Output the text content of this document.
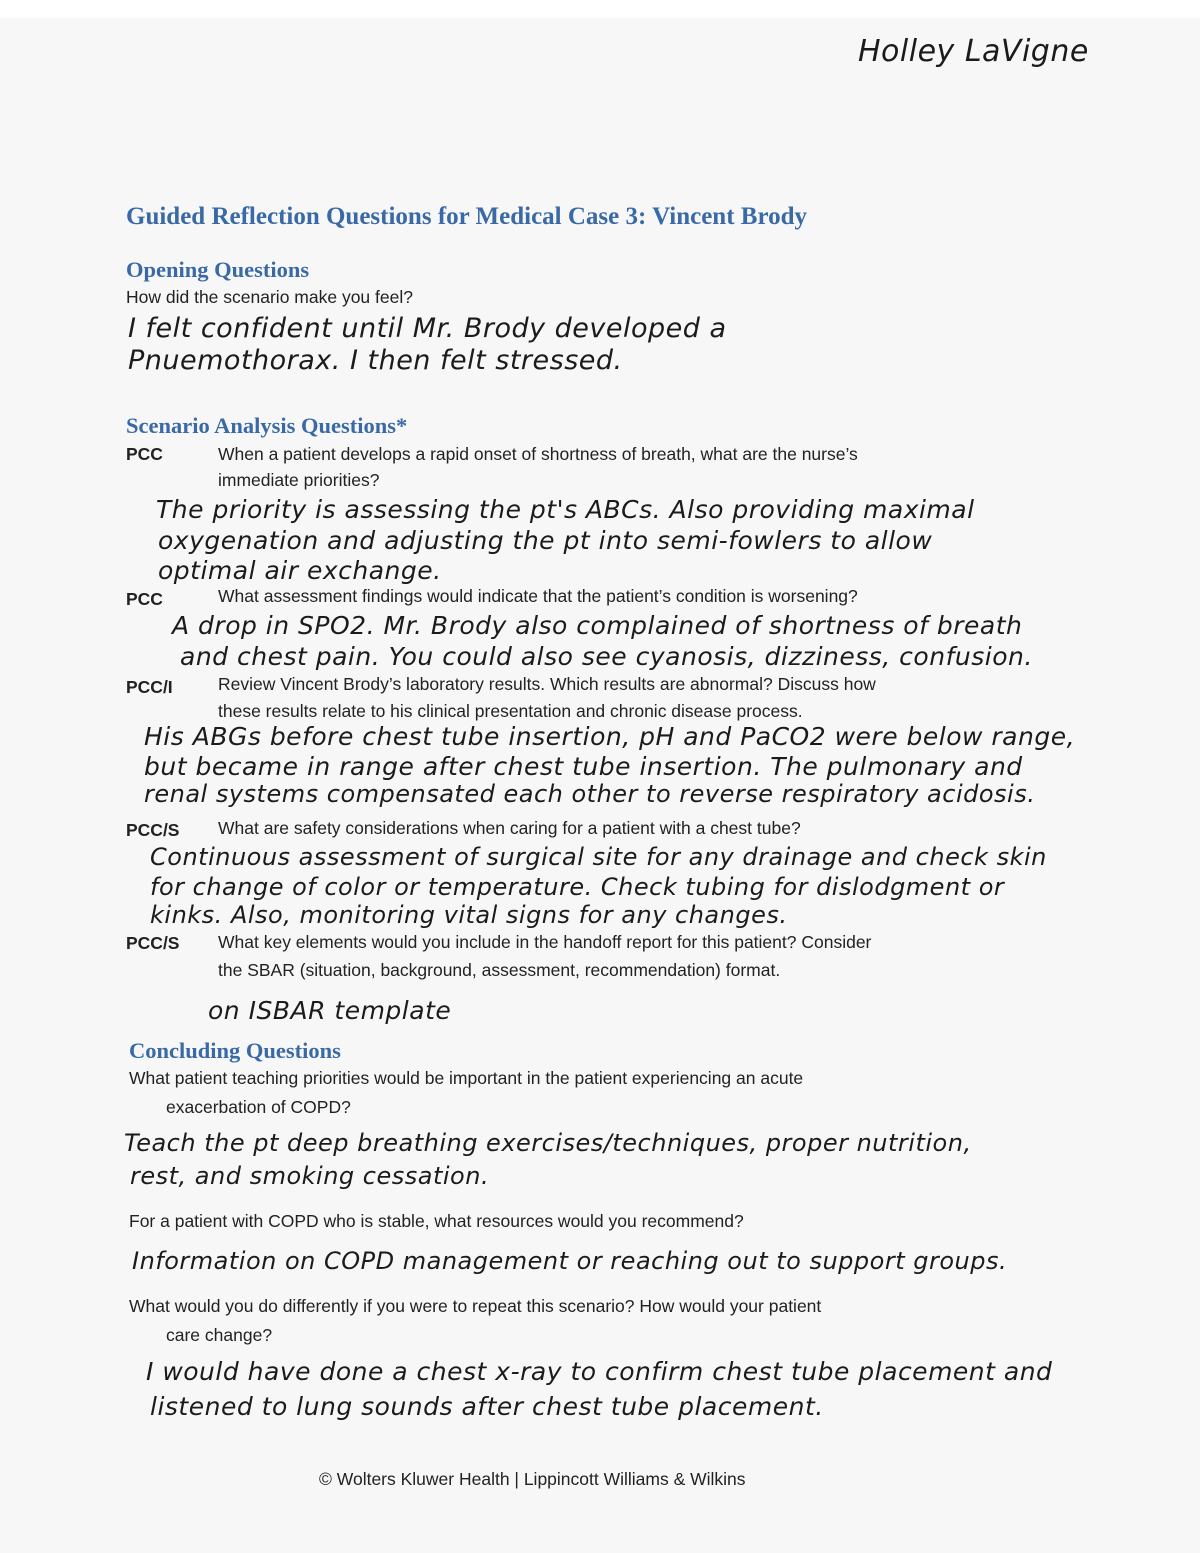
Holley LaVigne
Guided Reflection Questions for Medical Case 3: Vincent Brody
Opening Questions
How did the scenario make you feel?
I felt confident until Mr. Brody developed a
Pnuemothorax. I then felt stressed.
Scenario Analysis Questions*
PCC	When a patient develops a rapid onset of shortness of breath, what are the nurse’s
immediate priorities?
The priority is assessing the pt's ABCs. Also providing maximal
oxygenation and adjusting the pt into semi-fowlers to allow
optimal air exchange.
PCC	What assessment findings would indicate that the patient’s condition is worsening?
A drop in SPO2. Mr. Brody also complained of shortness of breath
and chest pain. You could also see cyanosis, dizziness, confusion.
PCC/I	Review Vincent Brody’s laboratory results. Which results are abnormal? Discuss how
these results relate to his clinical presentation and chronic disease process.
His ABGs before chest tube insertion, pH and PaCO2 were below range,
but became in range after chest tube insertion. The pulmonary and
renal systems compensated each other to reverse respiratory acidosis.
PCC/S What are safety considerations when caring for a patient with a chest tube?
Continuous assessment of surgical site for any drainage and check skin
for change of color or temperature. Check tubing for dislodgment or
kinks. Also, monitoring vital signs for any changes.
PCC/S What key elements would you include in the handoff report for this patient? Consider
the SBAR (situation, background, assessment, recommendation) format.
on ISBAR template
Concluding Questions
What patient teaching priorities would be important in the patient experiencing an acute
exacerbation of COPD?
Teach the pt deep breathing exercises/techniques, proper nutrition,
rest, and smoking cessation.
For a patient with COPD who is stable, what resources would you recommend?
Information on COPD management or reaching out to support groups.
What would you do differently if you were to repeat this scenario? How would your patient
care change?
I would have done a chest x-ray to confirm chest tube placement and
listened to lung sounds after chest tube placement.
© Wolters Kluwer Health | Lippincott Williams & Wilkins
